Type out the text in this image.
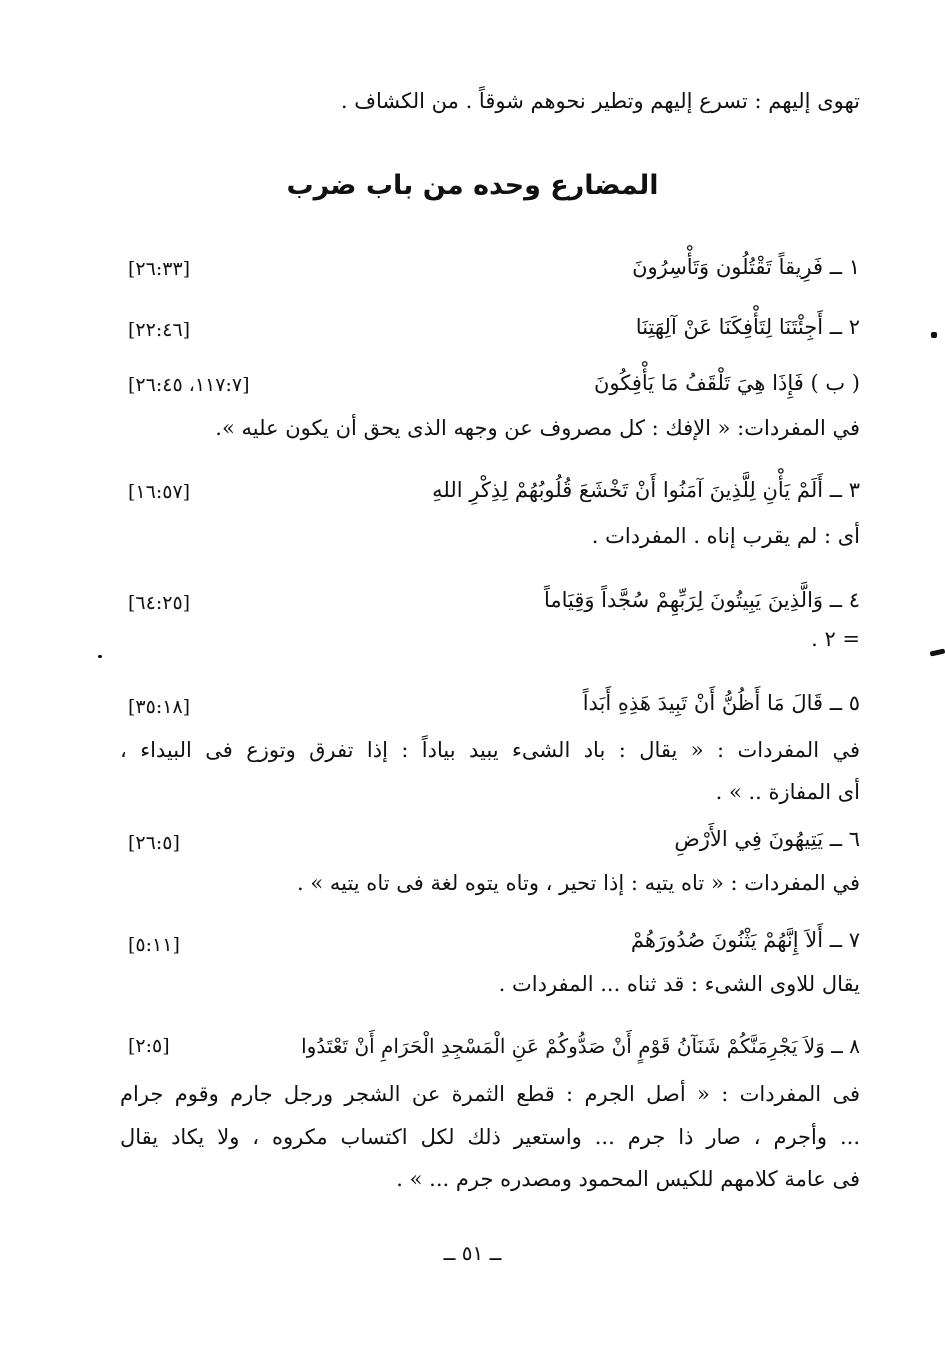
تهوى إليهم : تسرع إليهم وتطير نحوهم شوقاً . من الكشاف .
المضارع وحده من باب ضرب
١ ــ فَرِيقاً تَقْتُلُون وَتَأْسِرُونَ
[٢٦:٣٣]
٢ ــ أَجِئْتَنَا لِتَأْفِكَنَا عَنْ آلِهَتِنَا
[٢٢:٤٦]
( ب ) فَإِذَا هِيَ تَلْقَفُ مَا يَأْفِكُونَ
[١١٧:٧، ٢٦:٤٥]
في المفردات: « الإفك : كل مصروف عن وجهه الذى يحق أن يكون عليه ».
٣ ــ أَلَمْ يَأْنِ لِلَّذِينَ آمَنُوا أَنْ تَخْشَعَ قُلُوبُهُمْ لِذِكْرِ اللهِ
[١٦:٥٧]
أى : لم يقرب إناه . المفردات .
٤ ــ وَالَّذِينَ يَبِيتُونَ لِرَبِّهِمْ سُجَّداً وَقِيَاماً
[٦٤:٢٥]
= ٢ .
٥ ــ قَالَ مَا أَظُنُّ أَنْ تَبِيدَ هَذِهِ أَبَداً
[٣٥:١٨]
في المفردات : « يقال : باد الشىء يبيد بياداً : إذا تفرق وتوزع فى البيداء ،
أى المفازة .. » .
٦ ــ يَتِيهُونَ فِي الأَرْضِ
[٢٦:٥]
في المفردات : « تاه يتيه : إذا تحير ، وتاه يتوه لغة فى تاه يتيه » .
٧ ــ أَلاَ إِنَّهُمْ يَثْنُونَ صُدُورَهُمْ
[٥:١١]
يقال للاوى الشىء : قد ثناه ... المفردات .
٨ ــ وَلاَ يَجْرِمَنَّكُمْ شَنَآنُ قَوْمٍ أَنْ صَدُّوكُمْ عَنِ الْمَسْجِدِ الْحَرَامِ أَنْ تَعْتَدُوا
[٢:٥]
فى المفردات : « أصل الجرم : قطع الثمرة عن الشجر ورجل جارم وقوم جرام
... وأجرم ، صار ذا جرم ... واستعير ذلك لكل اكتساب مكروه ، ولا يكاد يقال
فى عامة كلامهم للكيس المحمود ومصدره جرم ... » .
ــ ٥١ ــ
